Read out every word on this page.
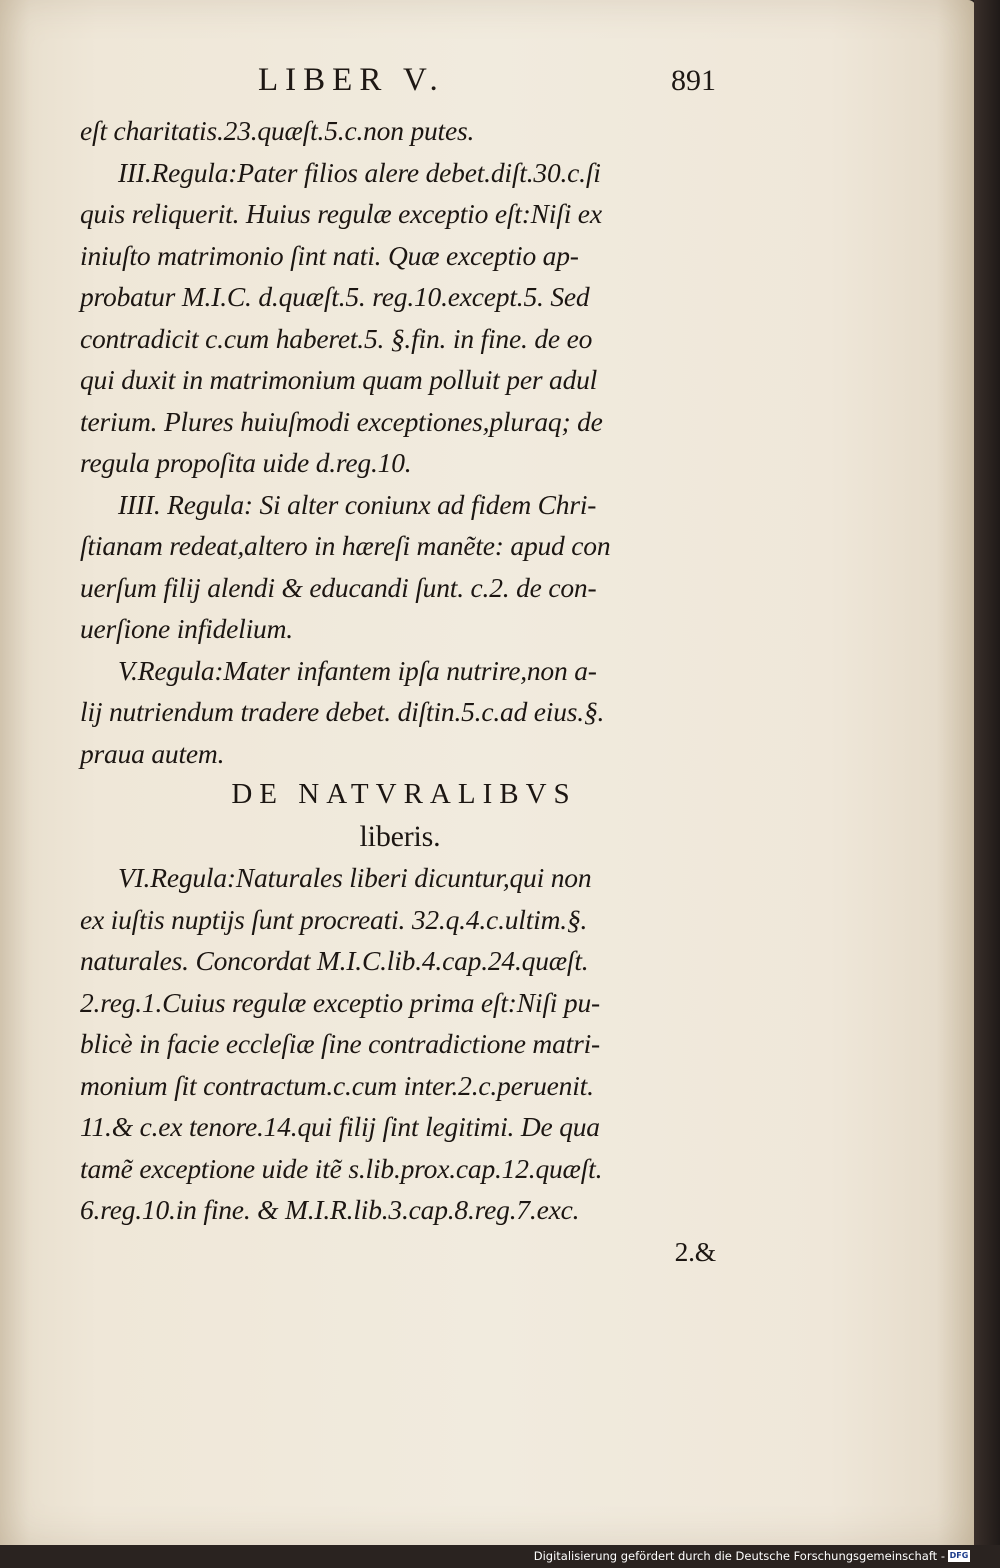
LIBER V.	891
eſt charitatis.23.quæſt.5.c.non putes.
III.Regula:Pater filios alere debet.diſt.30.c.ſi
quis reliquerit. Huius regulæ exceptio eſt:Niſi ex
iniuſto matrimonio ſint nati. Quæ exceptio ap-
probatur M.I.C. d.quæſt.5. reg.10.except.5. Sed
contradicit c.cum haberet.5. §.fin. in fine. de eo
qui duxit in matrimonium quam polluit per adul
terium. Plures huiuſmodi exceptiones,pluraq; de
regula propoſita uide d.reg.10.
IIII. Regula: Si alter coniunx ad fidem Chri-
ſtianam redeat,altero in hæreſi manẽte: apud con
uerſum filij alendi & educandi ſunt. c.2. de con-
uerſione infidelium.
V.Regula:Mater infantem ipſa nutrire,non a-
lij nutriendum tradere debet. diſtin.5.c.ad eius.§.
praua autem.
DE NATVRALIBVS
liberis.
VI.Regula:Naturales liberi dicuntur,qui non
ex iuſtis nuptijs ſunt procreati. 32.q.4.c.ultim.§.
naturales. Concordat M.I.C.lib.4.cap.24.quæſt.
2.reg.1.Cuius regulæ exceptio prima eſt:Niſi pu-
blicè in facie eccleſiæ ſine contradictione matri-
monium ſit contractum.c.cum inter.2.c.peruenit.
11.& c.ex tenore.14.qui filij ſint legitimi. De qua
tamẽ exceptione uide itẽ s.lib.prox.cap.12.quæſt.
6.reg.10.in fine. & M.I.R.lib.3.cap.8.reg.7.exc.
2.&
Digitalisierung gefördert durch die Deutsche Forschungsgemeinschaft - DFG
